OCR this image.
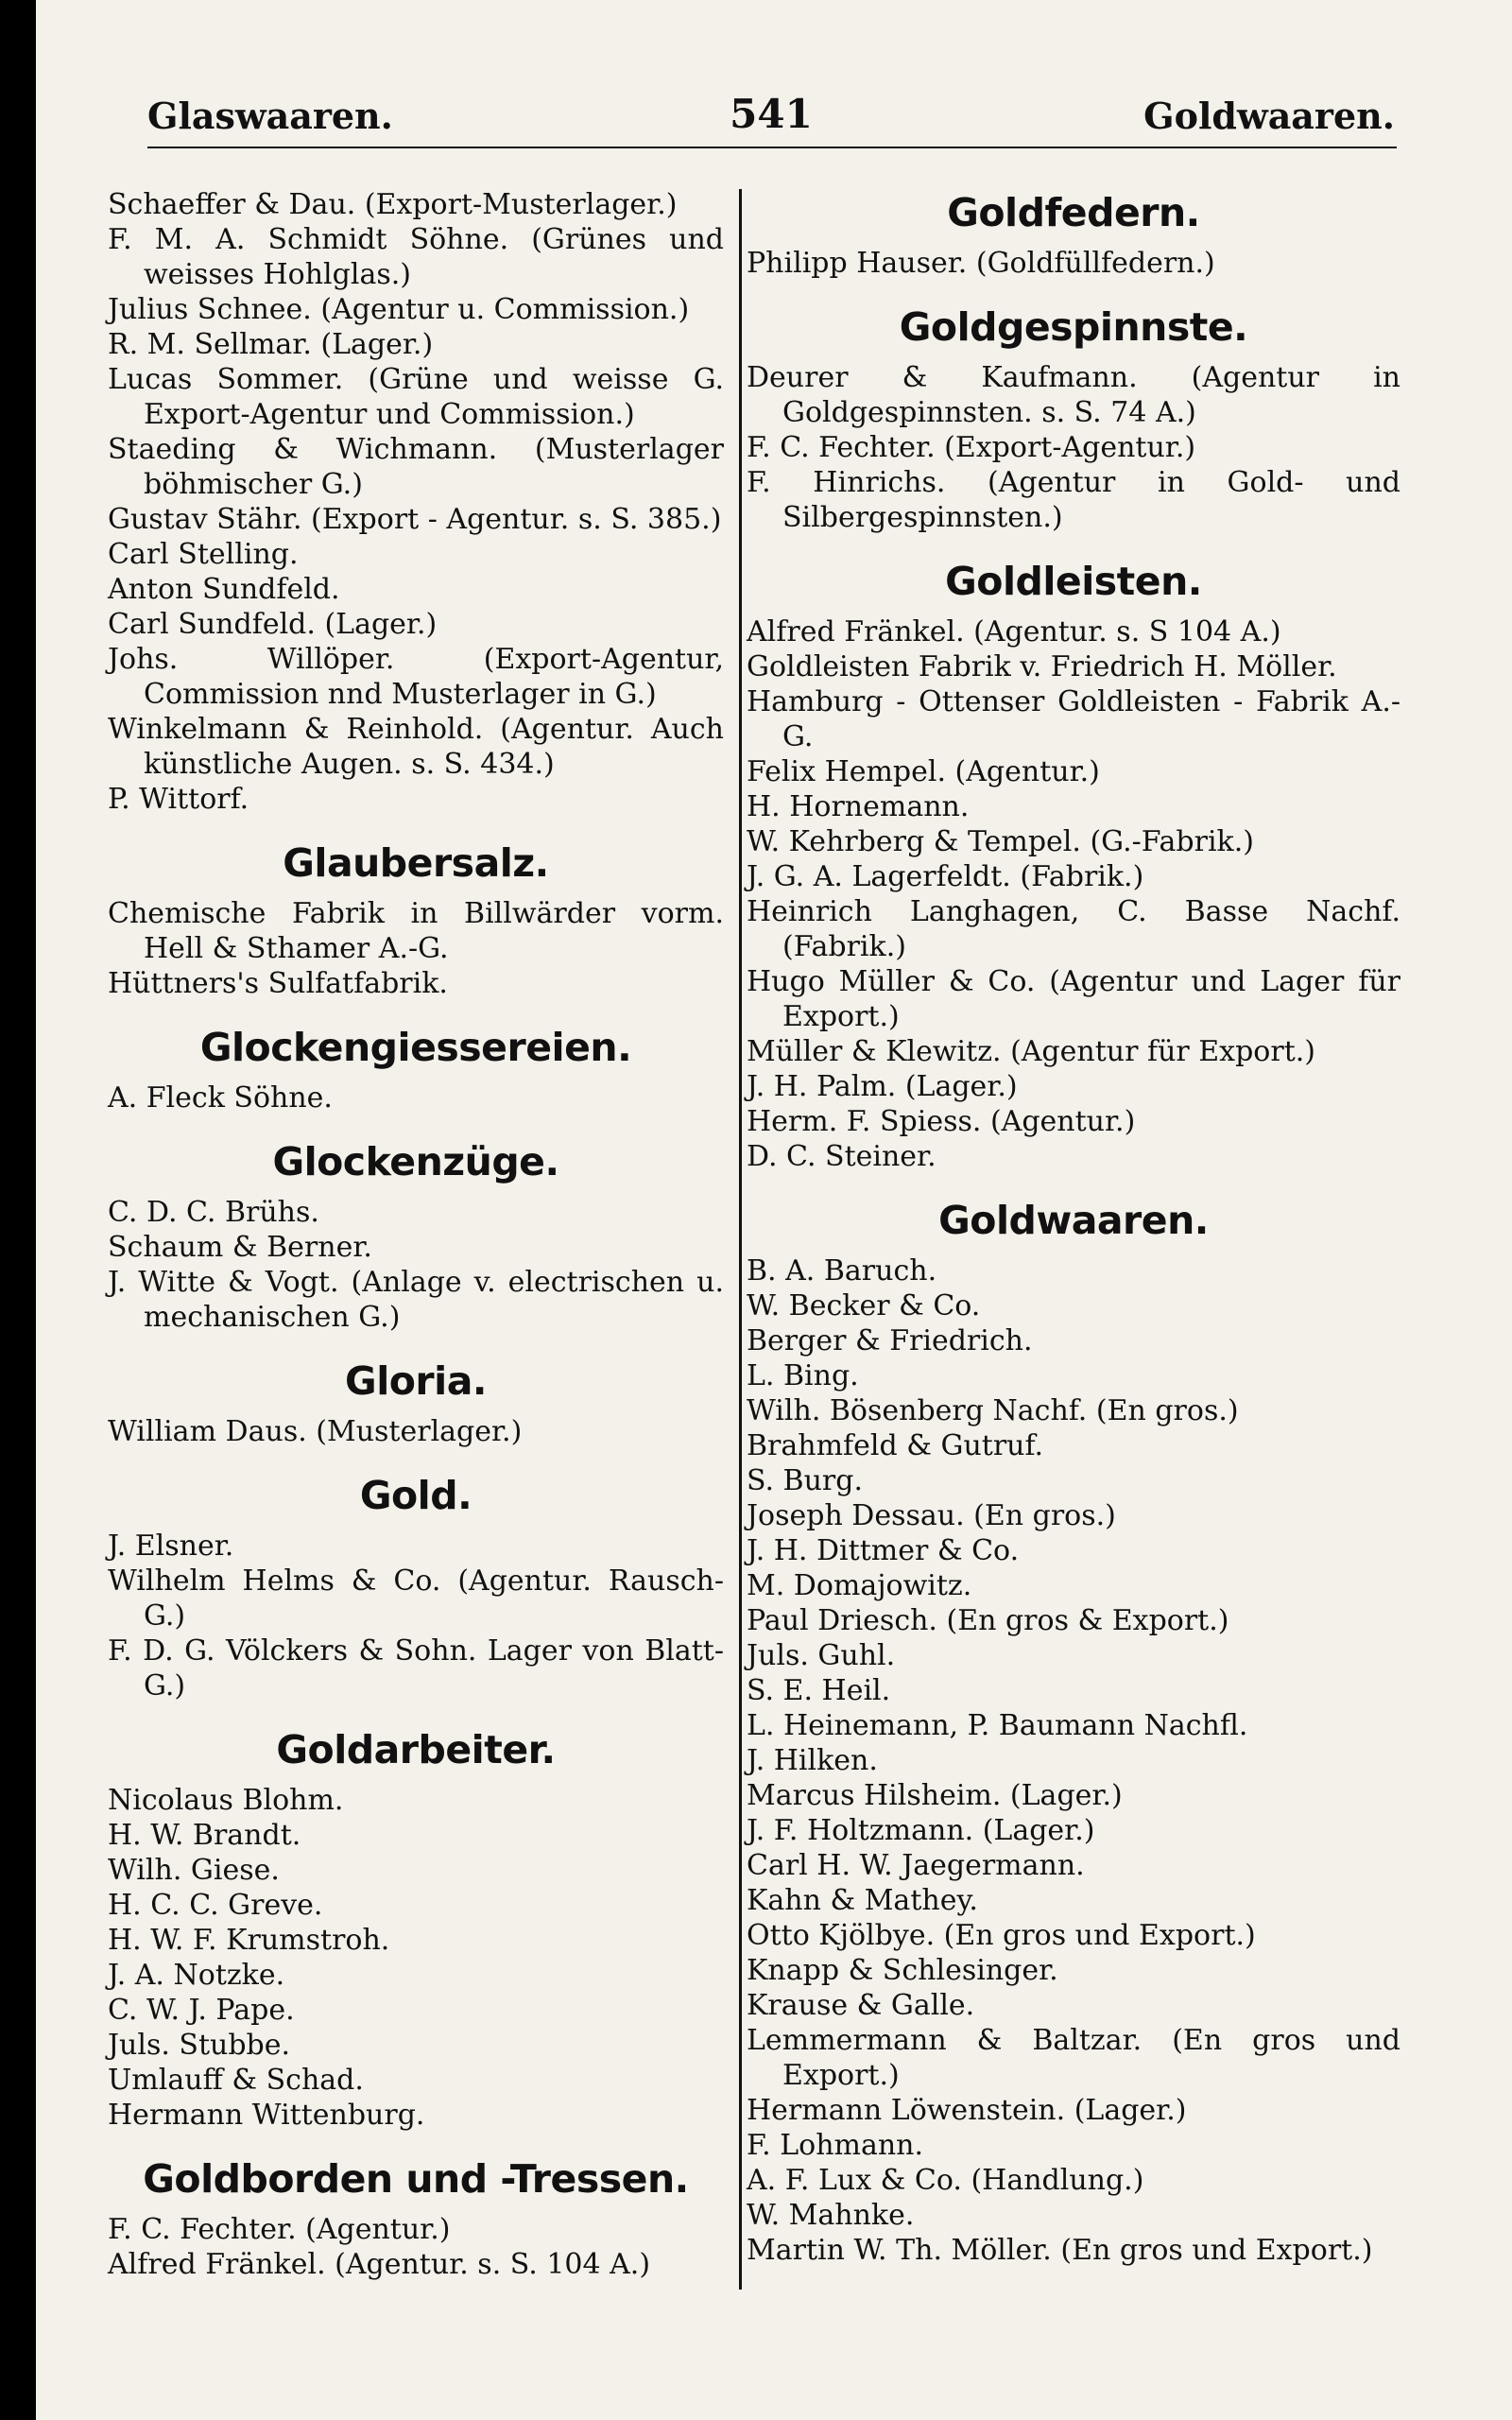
Glaswaaren.	541	Goldwaaren.
Schaeffer & Dau. (Export-Musterlager.)
F. M. A. Schmidt Söhne. (Grünes und weisses Hohlglas.)
Julius Schnee. (Agentur u. Commission.)
R. M. Sellmar. (Lager.)
Lucas Sommer. (Grüne und weisse G. Export-Agentur und Commission.)
Staeding & Wichmann. (Musterlager böhmischer G.)
Gustav Stähr. (Export - Agentur. s. S. 385.)
Carl Stelling.
Anton Sundfeld.
Carl Sundfeld. (Lager.)
Johs. Willöper. (Export-Agentur, Commission nnd Musterlager in G.)
Winkelmann & Reinhold. (Agentur. Auch künstliche Augen. s. S. 434.)
P. Wittorf.
Glaubersalz.
Chemische Fabrik in Billwärder vorm. Hell & Sthamer A.-G.
Hüttners's Sulfatfabrik.
Glockengiessereien.
A. Fleck Söhne.
Glockenzüge.
C. D. C. Brühs.
Schaum & Berner.
J. Witte & Vogt. (Anlage v. electrischen u. mechanischen G.)
Gloria.
William Daus. (Musterlager.)
Gold.
J. Elsner.
Wilhelm Helms & Co. (Agentur. Rausch-G.)
F. D. G. Völckers & Sohn. Lager von Blatt-G.)
Goldarbeiter.
Nicolaus Blohm.
H. W. Brandt.
Wilh. Giese.
H. C. C. Greve.
H. W. F. Krumstroh.
J. A. Notzke.
C. W. J. Pape.
Juls. Stubbe.
Umlauff & Schad.
Hermann Wittenburg.
Goldborden und -Tressen.
F. C. Fechter. (Agentur.)
Alfred Fränkel. (Agentur. s. S. 104 A.)
Goldfedern.
Philipp Hauser. (Goldfüllfedern.)
Goldgespinnste.
Deurer & Kaufmann. (Agentur in Goldgespinnsten. s. S. 74 A.)
F. C. Fechter. (Export-Agentur.)
F. Hinrichs. (Agentur in Gold- und Silbergespinnsten.)
Goldleisten.
Alfred Fränkel. (Agentur. s. S 104 A.)
Goldleisten Fabrik v. Friedrich H. Möller.
Hamburg - Ottenser Goldleisten - Fabrik A.-G.
Felix Hempel. (Agentur.)
H. Hornemann.
W. Kehrberg & Tempel. (G.-Fabrik.)
J. G. A. Lagerfeldt. (Fabrik.)
Heinrich Langhagen, C. Basse Nachf. (Fabrik.)
Hugo Müller & Co. (Agentur und Lager für Export.)
Müller & Klewitz. (Agentur für Export.)
J. H. Palm. (Lager.)
Herm. F. Spiess. (Agentur.)
D. C. Steiner.
Goldwaaren.
B. A. Baruch.
W. Becker & Co.
Berger & Friedrich.
L. Bing.
Wilh. Bösenberg Nachf. (En gros.)
Brahmfeld & Gutruf.
S. Burg.
Joseph Dessau. (En gros.)
J. H. Dittmer & Co.
M. Domajowitz.
Paul Driesch. (En gros & Export.)
Juls. Guhl.
S. E. Heil.
L. Heinemann, P. Baumann Nachfl.
J. Hilken.
Marcus Hilsheim. (Lager.)
J. F. Holtzmann. (Lager.)
Carl H. W. Jaegermann.
Kahn & Mathey.
Otto Kjölbye. (En gros und Export.)
Knapp & Schlesinger.
Krause & Galle.
Lemmermann & Baltzar. (En gros und Export.)
Hermann Löwenstein. (Lager.)
F. Lohmann.
A. F. Lux & Co. (Handlung.)
W. Mahnke.
Martin W. Th. Möller. (En gros und Export.)
